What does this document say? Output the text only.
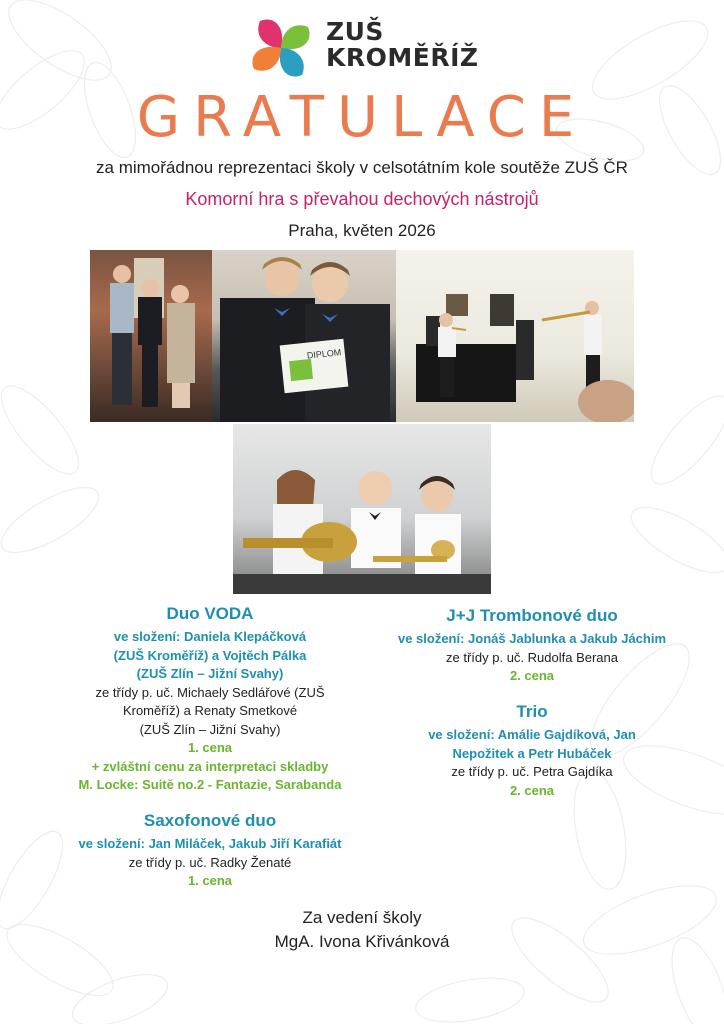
ZUŠ
KROMĚŘÍŽ
GRATULACE
za mimořádnou reprezentaci školy v celsotátním kole soutěže ZUŠ ČR
Komorní hra s převahou dechových nástrojů
Praha, květen 2026
DIPLOM
Duo VODA
ve složení: Daniela Klepáčková
(ZUŠ Kroměříž) a Vojtěch Pálka
(ZUŠ Zlín – Jižní Svahy)
ze třídy p. uč. Michaely Sedlářové (ZUŠ
Kroměříž) a Renaty Smetkové
(ZUŠ Zlín – Jižní Svahy)
1. cena
+ zvláštní cenu za interpretaci skladby
M. Locke: Suitě no.2 - Fantazie, Sarabanda
Saxofonové duo
ve složení: Jan Miláček, Jakub Jiří Karafiát
ze třídy p. uč. Radky Ženaté
1. cena
J+J Trombonové duo
ve složení: Jonáš Jablunka a Jakub Jáchim
ze třídy p. uč. Rudolfa Berana
2. cena
Trio
ve složení: Amálie Gajdíková, Jan
Nepožitek a Petr Hubáček
ze třídy p. uč. Petra Gajdíka
2. cena
Za vedení školy
MgA. Ivona Křivánková
